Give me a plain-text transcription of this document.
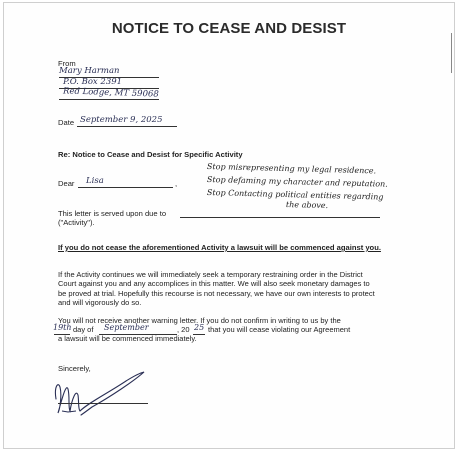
NOTICE TO CEASE AND DESIST
From
Mary Harman
P.O. Box 2391
Red Lodge, MT 59068
Date September 9, 2025
Re: Notice to Cease and Desist for Specific Activity
Stop misrepresenting my legal residence.
Stop defaming my character and reputation.
Stop Contacting political entities regarding
the above.
Dear Lisa	,
This letter is served upon due to
("Activity").
If you do not cease the aforementioned Activity a lawsuit will be commenced against you.
If the Activity continues we will immediately seek a temporary restraining order in the District Court against you and any accomplices in this matter. We will also seek monetary damages to be proved at trial. Hopefully this recourse is not necessary, we have our own interests to protect and will vigorously do so.
You will not receive another warning letter. If you do not confirm in writing to us by the
19th day of September	, 20 25 that you will cease violating our Agreement
a lawsuit will be commenced immediately.
Sincerely,
